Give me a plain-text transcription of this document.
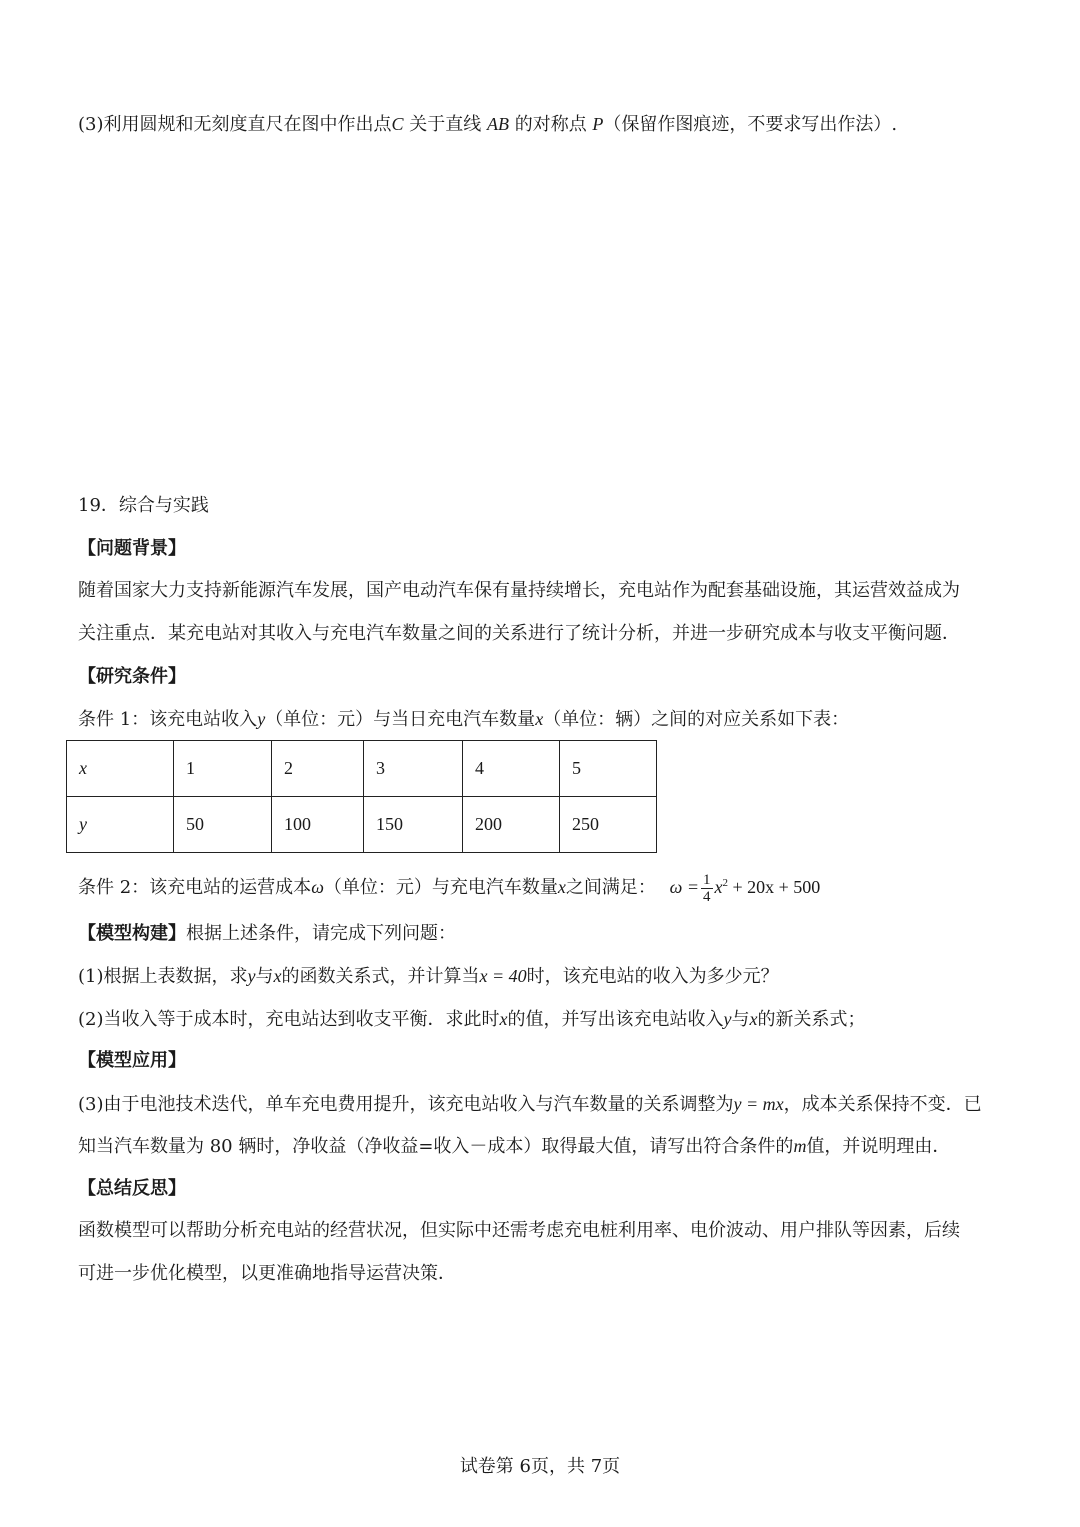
(3)利用圆规和无刻度直尺在图中作出点C 关于直线 AB 的对称点 P（保留作图痕迹，不要求写出作法）.
19．综合与实践
【问题背景】
随着国家大力支持新能源汽车发展，国产电动汽车保有量持续增长，充电站作为配套基础设施，其运营效益成为
关注重点．某充电站对其收入与充电汽车数量之间的关系进行了统计分析，并进一步研究成本与收支平衡问题．
【研究条件】
条件 1：该充电站收入y（单位：元）与当日充电汽车数量x（单位：辆）之间的对应关系如下表：
x	1	2	3	4	5
y	50	100	150	200	250
条件 2：该充电站的运营成本ω（单位：元）与充电汽车数量x之间满足： $\omega = \frac{1}{4} x^2 + 20x + 500$
【模型构建】根据上述条件，请完成下列问题：
(1)根据上表数据，求y与x的函数关系式，并计算当x = 40时，该充电站的收入为多少元？
(2)当收入等于成本时，充电站达到收支平衡．求此时x的值，并写出该充电站收入y与x的新关系式；
【模型应用】
(3)由于电池技术迭代，单车充电费用提升，该充电站收入与汽车数量的关系调整为y = mx，成本关系保持不变．已
知当汽车数量为 80 辆时，净收益（净收益=收入－成本）取得最大值，请写出符合条件的m值，并说明理由．
【总结反思】
函数模型可以帮助分析充电站的经营状况，但实际中还需考虑充电桩利用率、电价波动、用户排队等因素，后续
可进一步优化模型，以更准确地指导运营决策．
试卷第 6页，共 7页
